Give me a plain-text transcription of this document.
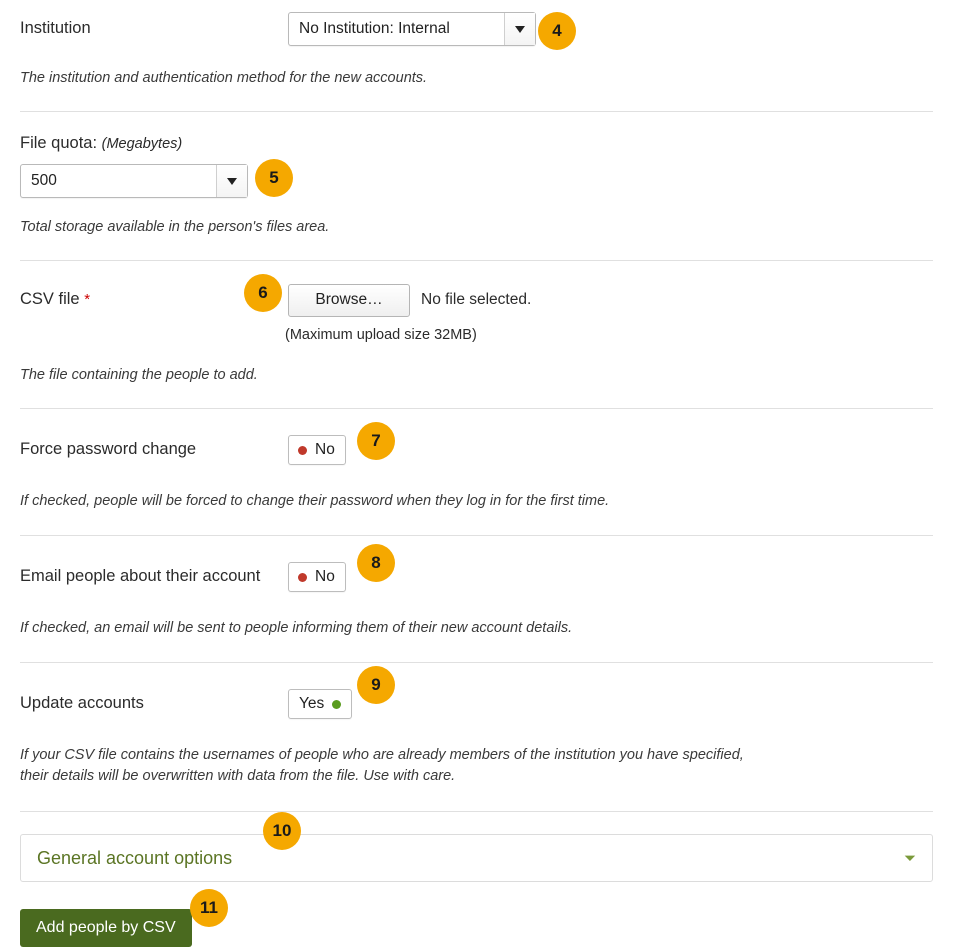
Institution	No Institution: Internal
The institution and authentication method for the new accounts.
File quota: (Megabytes)
500
Total storage available in the person's files area.
CSV file *	Browse…	No file selected.
(Maximum upload size 32MB)
The file containing the people to add.
Force password change	No
If checked, people will be forced to change their password when they log in for the first time.
Email people about their account	No
If checked, an email will be sent to people informing them of their new account details.
Update accounts	Yes
If your CSV file contains the usernames of people who are already members of the institution you have specified, their details will be overwritten with data from the file. Use with care.
General account options	⏷
Add people by CSV
4
5
6
7
8
9
10
11
